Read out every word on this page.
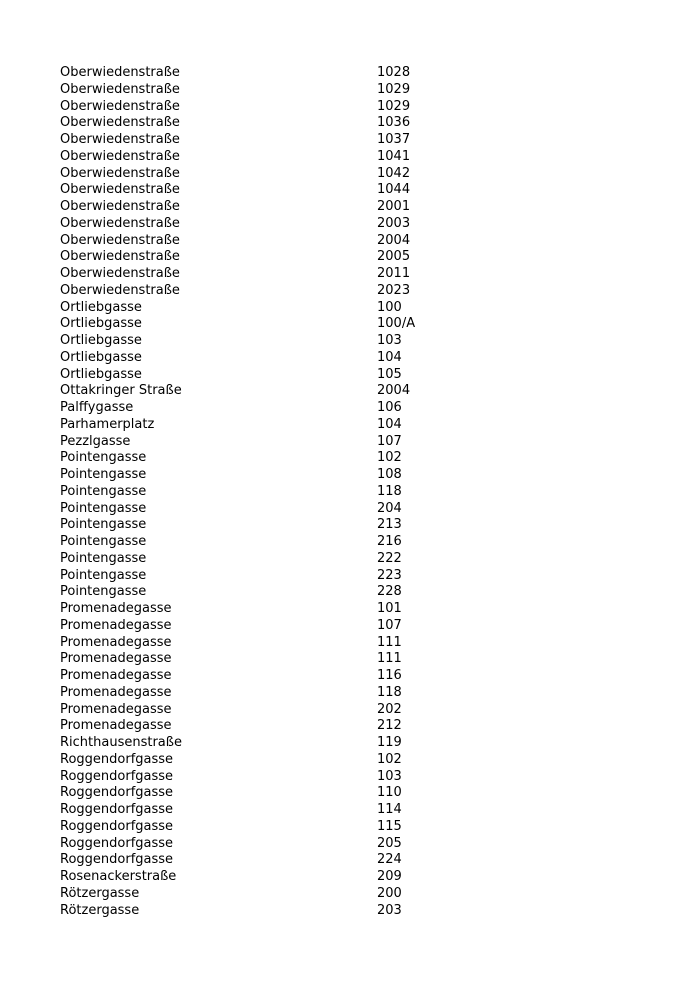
Oberwiedenstraße	1028
Oberwiedenstraße	1029
Oberwiedenstraße	1029
Oberwiedenstraße	1036
Oberwiedenstraße	1037
Oberwiedenstraße	1041
Oberwiedenstraße	1042
Oberwiedenstraße	1044
Oberwiedenstraße	2001
Oberwiedenstraße	2003
Oberwiedenstraße	2004
Oberwiedenstraße	2005
Oberwiedenstraße	2011
Oberwiedenstraße	2023
Ortliebgasse	100
Ortliebgasse	100/A
Ortliebgasse	103
Ortliebgasse	104
Ortliebgasse	105
Ottakringer Straße	2004
Palffygasse	106
Parhamerplatz	104
Pezzlgasse	107
Pointengasse	102
Pointengasse	108
Pointengasse	118
Pointengasse	204
Pointengasse	213
Pointengasse	216
Pointengasse	222
Pointengasse	223
Pointengasse	228
Promenadegasse	101
Promenadegasse	107
Promenadegasse	111
Promenadegasse	111
Promenadegasse	116
Promenadegasse	118
Promenadegasse	202
Promenadegasse	212
Richthausenstraße	119
Roggendorfgasse	102
Roggendorfgasse	103
Roggendorfgasse	110
Roggendorfgasse	114
Roggendorfgasse	115
Roggendorfgasse	205
Roggendorfgasse	224
Rosenackerstraße	209
Rötzergasse	200
Rötzergasse	203
